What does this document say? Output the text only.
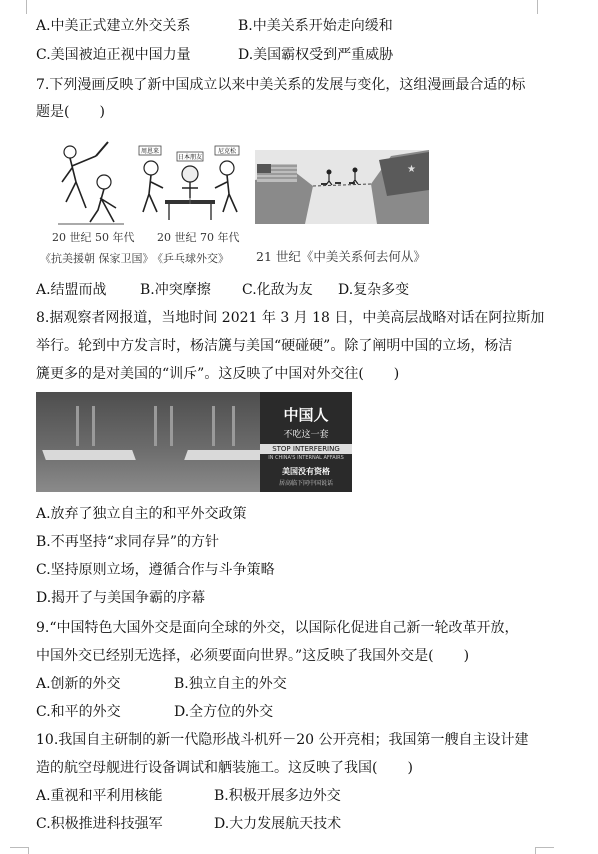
A.中美正式建立外交关系	B.中美关系开始走向缓和
C.美国被迫正视中国力量	D.美国霸权受到严重威胁
7.下列漫画反映了新中国成立以来中美关系的发展与变化，这组漫画最合适的标
题是( )
20 世纪 50 年代
周恩来
日本朋友
尼克松
20 世纪 70 年代
★
《抗美援朝 保家卫国》
《乒乓球外交》 21 世纪《中美关系何去何从》
A.结盟而战 B.冲突摩擦 C.化敌为友 D.复杂多变
8.据观察者网报道，当地时间 2021 年 3 月 18 日，中美高层战略对话在阿拉斯加
举行。轮到中方发言时，杨洁篪与美国“硬碰硬”。除了阐明中国的立场，杨洁
篪更多的是对美国的“训斥”。这反映了中国对外交往( )
中国人
不吃这一套
STOP INTERFERING
IN CHINA'S INTERNAL AFFAIRS
美国没有资格
居高临下同中国说话
A.放弃了独立自主的和平外交政策
B.不再坚持“求同存异”的方针
C.坚持原则立场，遵循合作与斗争策略
D.揭开了与美国争霸的序幕
9.“中国特色大国外交是面向全球的外交，以国际化促进自己新一轮改革开放，
中国外交已经别无选择，必须要面向世界。”这反映了我国外交是( )
A.创新的外交	B.独立自主的外交
C.和平的外交	D.全方位的外交
10.我国自主研制的新一代隐形战斗机歼－20 公开亮相；我国第一艘自主设计建
造的航空母舰进行设备调试和舾装施工。这反映了我国( )
A.重视和平利用核能	B.积极开展多边外交
C.积极推进科技强军	D.大力发展航天技术
